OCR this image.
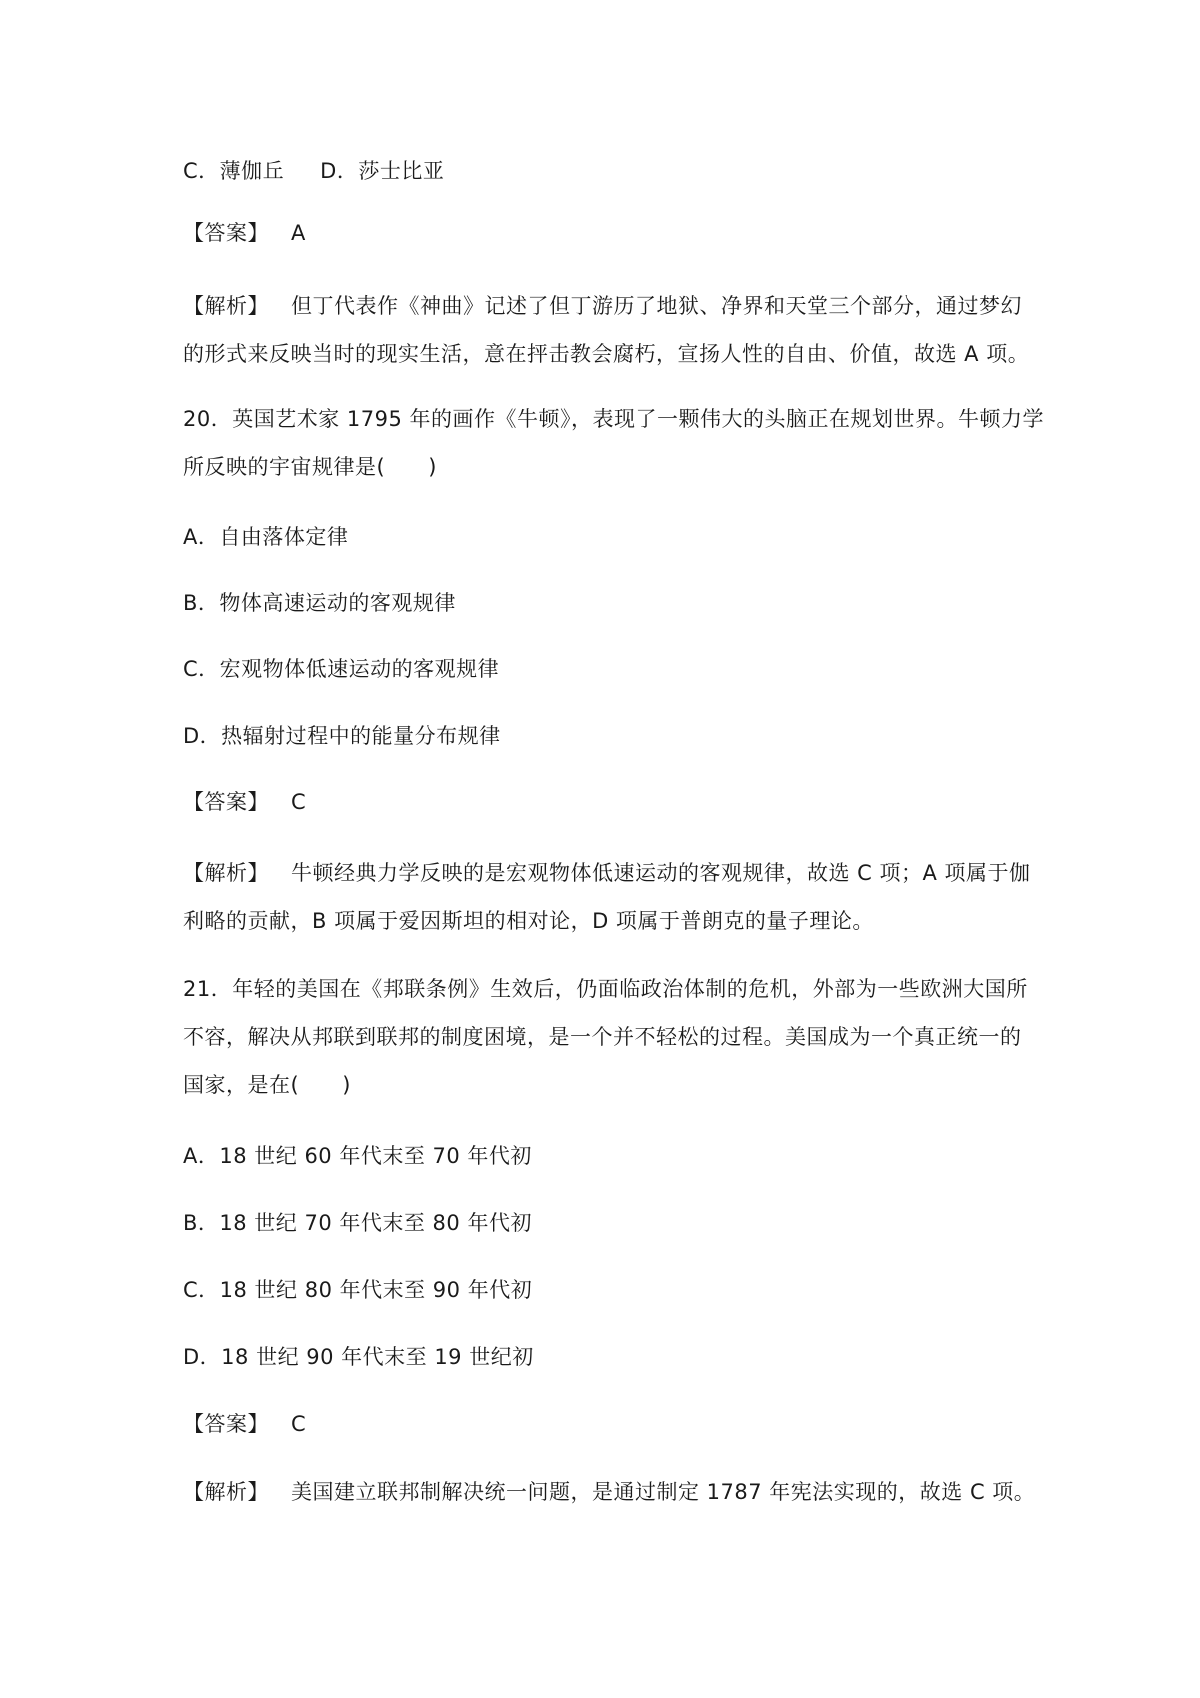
C．薄伽丘 D．莎士比亚
【答案】 A
【解析】 但丁代表作《神曲》记述了但丁游历了地狱、净界和天堂三个部分，通过梦幻
的形式来反映当时的现实生活，意在抨击教会腐朽，宣扬人性的自由、价值，故选 A 项。
20．英国艺术家 1795 年的画作《牛顿》，表现了一颗伟大的头脑正在规划世界。牛顿力学
所反映的宇宙规律是(　　)
A．自由落体定律
B．物体高速运动的客观规律
C．宏观物体低速运动的客观规律
D．热辐射过程中的能量分布规律
【答案】 C
【解析】 牛顿经典力学反映的是宏观物体低速运动的客观规律，故选 C 项；A 项属于伽
利略的贡献，B 项属于爱因斯坦的相对论，D 项属于普朗克的量子理论。
21．年轻的美国在《邦联条例》生效后，仍面临政治体制的危机，外部为一些欧洲大国所
不容，解决从邦联到联邦的制度困境，是一个并不轻松的过程。美国成为一个真正统一的
国家，是在(　　)
A．18 世纪 60 年代末至 70 年代初
B．18 世纪 70 年代末至 80 年代初
C．18 世纪 80 年代末至 90 年代初
D．18 世纪 90 年代末至 19 世纪初
【答案】 C
【解析】 美国建立联邦制解决统一问题，是通过制定 1787 年宪法实现的，故选 C 项。
